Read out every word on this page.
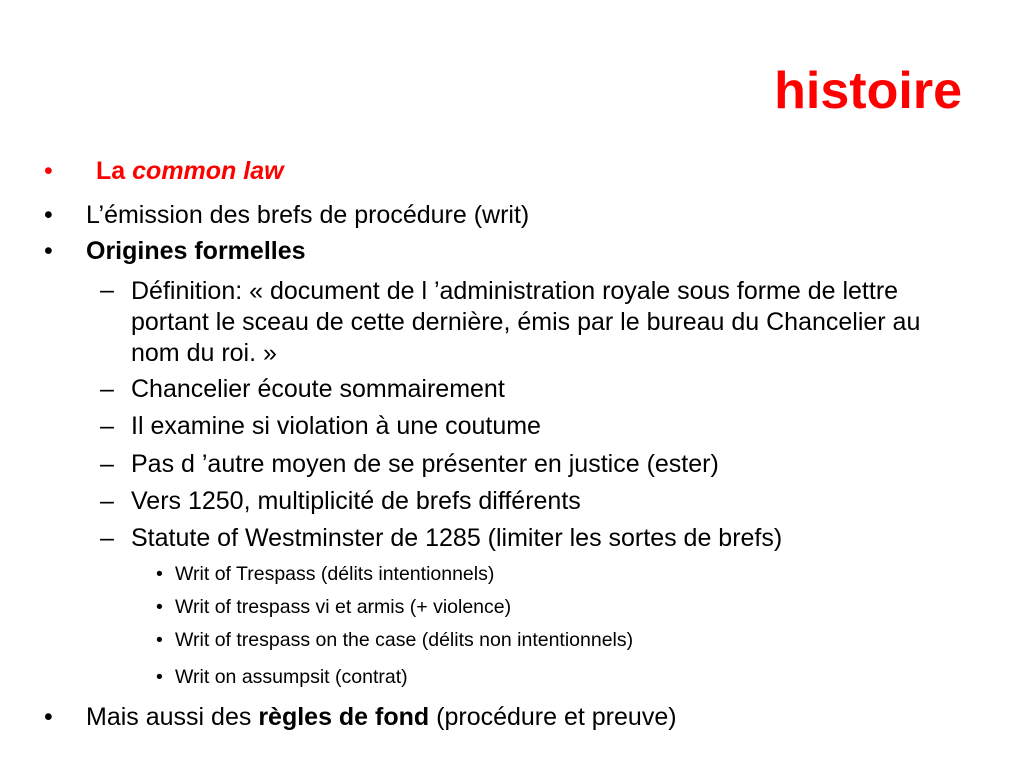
histoire
• La common law
• L’émission des brefs de procédure (writ)
• Origines formelles
– Définition: « document de l ’administration royale sous forme de lettre portant le sceau de cette dernière, émis par le bureau du Chancelier au nom du roi. »
– Chancelier écoute sommairement
– Il examine si violation à une coutume
– Pas d ’autre moyen de se présenter en justice (ester)
– Vers 1250, multiplicité de brefs différents
– Statute of Westminster de 1285 (limiter les sortes de brefs)
• Writ of Trespass (délits intentionnels)
• Writ of trespass vi et armis (+ violence)
• Writ of trespass on the case (délits non intentionnels)
• Writ on assumpsit (contrat)
• Mais aussi des règles de fond (procédure et preuve)
